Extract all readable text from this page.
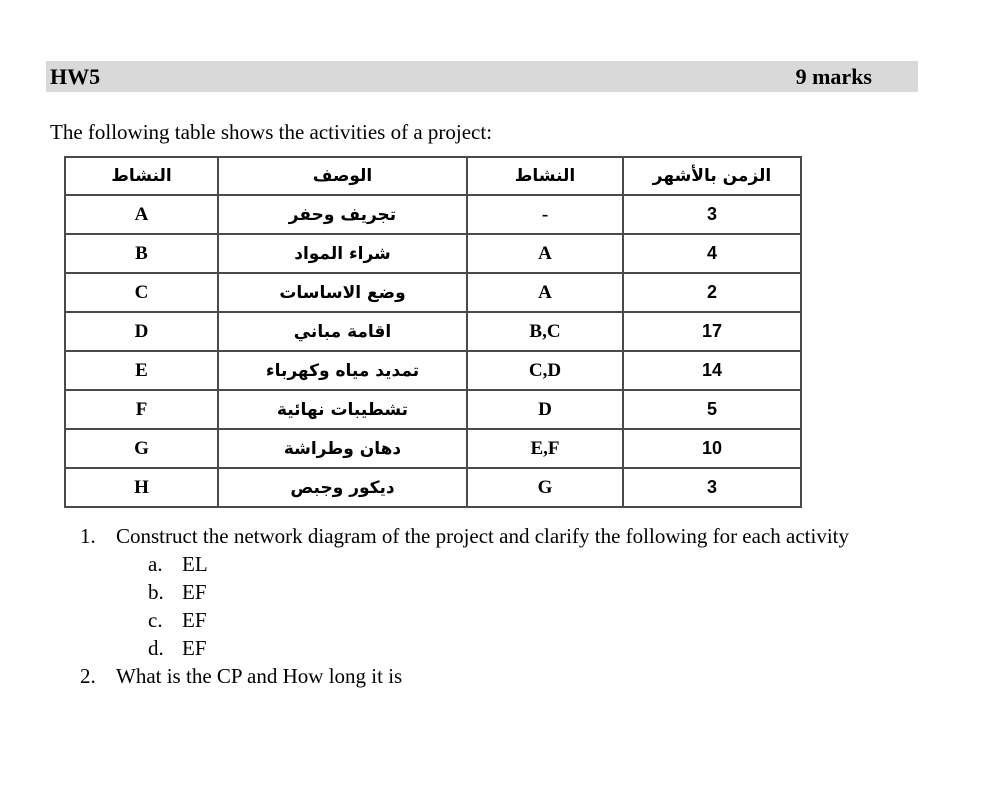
HW5	9 marks
The following table shows the activities of a project:
النشاط	الوصف	النشاط	الزمن بالأشهر
A	تجريف وحفر	-	3
B	شراء المواد	A	4
C	وضع الاساسات	A	2
D	اقامة مباني	B,C	17
E	تمديد مياه وكهرباء	C,D	14
F	تشطيبات نهائية	D	5
G	دهان وطراشة	E,F	10
H	ديكور وجبص	G	3
1. Construct the network diagram of the project and clarify the following for each activity
a. EL
b. EF
c. EF
d. EF
2. What is the CP and How long it is
